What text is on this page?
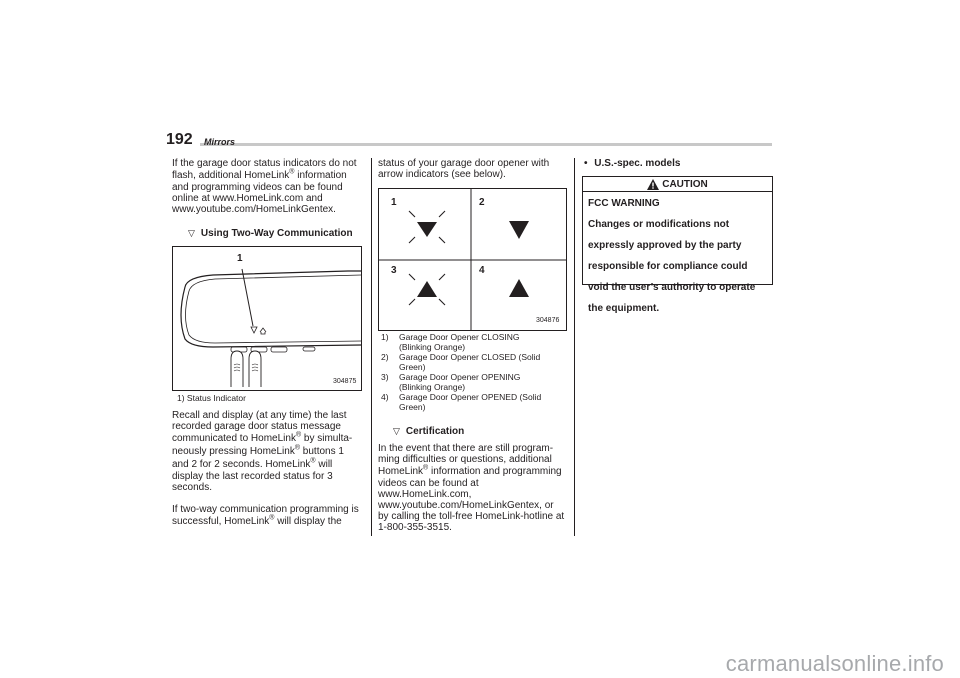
192 Mirrors

If the garage door status indicators do not

flash, additional HomeLink® information

and programming videos can be found

online at www.HomeLink.com and

www.youtube.com/HomeLinkGentex.

▽ Using Two-Way Communication
1
304875
1) Status Indicator

Recall and display (at any time) the last

recorded garage door status message

communicated to HomeLink® by simulta-

neously pressing HomeLink® buttons 1

and 2 for 2 seconds. HomeLink® will

display the last recorded status for 3

seconds.

If two-way communication programming is

successful, HomeLink® will display the

status of your garage door opener with

arrow indicators (see below).

1	2
3	4
304876
1)	Garage Door Opener CLOSING
(Blinking Orange)
2)	Garage Door Opener CLOSED (Solid
Green)
3)	Garage Door Opener OPENING
(Blinking Orange)
4)	Garage Door Opener OPENED (Solid
Green)
▽ Certification

In the event that there are still program-

ming difficulties or questions, additional

HomeLink® information and programming

videos can be found at

www.HomeLink.com,

www.youtube.com/HomeLinkGentex, or

by calling the toll-free HomeLink-hotline at

1-800-355-3515.

• U.S.-spec. models
CAUTION
FCC WARNING

Changes or modifications not

expressly approved by the party

responsible for compliance could

void the user’s authority to operate

the equipment.

carmanualsonline.info
